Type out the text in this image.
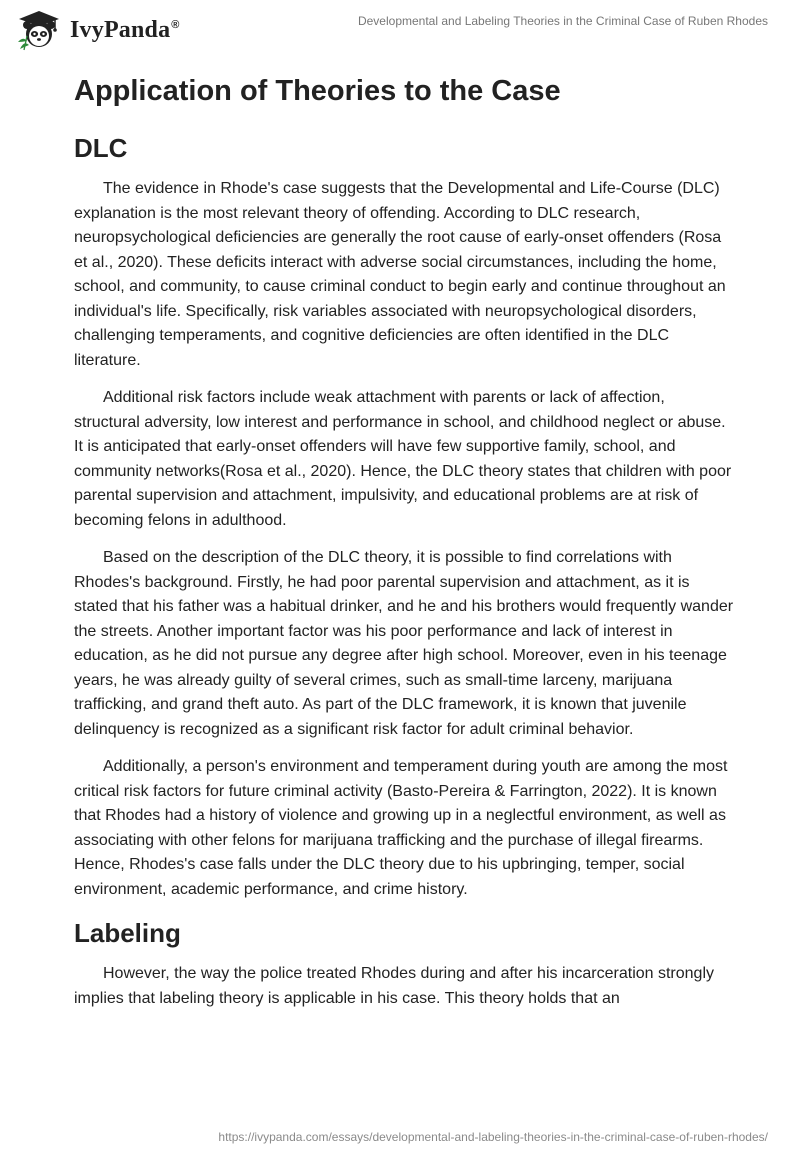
IvyPanda®	Developmental and Labeling Theories in the Criminal Case of Ruben Rhodes
Application of Theories to the Case
DLC

The evidence in Rhode's case suggests that the Developmental and Life-Course (DLC) explanation is the most relevant theory of offending. According to DLC research, neuropsychological deficiencies are generally the root cause of early-onset offenders (Rosa et al., 2020). These deficits interact with adverse social circumstances, including the home, school, and community, to cause criminal conduct to begin early and continue throughout an individual's life. Specifically, risk variables associated with neuropsychological disorders, challenging temperaments, and cognitive deficiencies are often identified in the DLC literature.

Additional risk factors include weak attachment with parents or lack of affection, structural adversity, low interest and performance in school, and childhood neglect or abuse. It is anticipated that early-onset offenders will have few supportive family, school, and community networks(Rosa et al., 2020). Hence, the DLC theory states that children with poor parental supervision and attachment, impulsivity, and educational problems are at risk of becoming felons in adulthood.

Based on the description of the DLC theory, it is possible to find correlations with Rhodes's background. Firstly, he had poor parental supervision and attachment, as it is stated that his father was a habitual drinker, and he and his brothers would frequently wander the streets. Another important factor was his poor performance and lack of interest in education, as he did not pursue any degree after high school. Moreover, even in his teenage years, he was already guilty of several crimes, such as small-time larceny, marijuana trafficking, and grand theft auto. As part of the DLC framework, it is known that juvenile delinquency is recognized as a significant risk factor for adult criminal behavior.

Additionally, a person's environment and temperament during youth are among the most critical risk factors for future criminal activity (Basto-Pereira & Farrington, 2022). It is known that Rhodes had a history of violence and growing up in a neglectful environment, as well as associating with other felons for marijuana trafficking and the purchase of illegal firearms. Hence, Rhodes's case falls under the DLC theory due to his upbringing, temper, social environment, academic performance, and crime history.

Labeling

However, the way the police treated Rhodes during and after his incarceration strongly implies that labeling theory is applicable in his case. This theory holds that an

https://ivypanda.com/essays/developmental-and-labeling-theories-in-the-criminal-case-of-ruben-rhodes/
